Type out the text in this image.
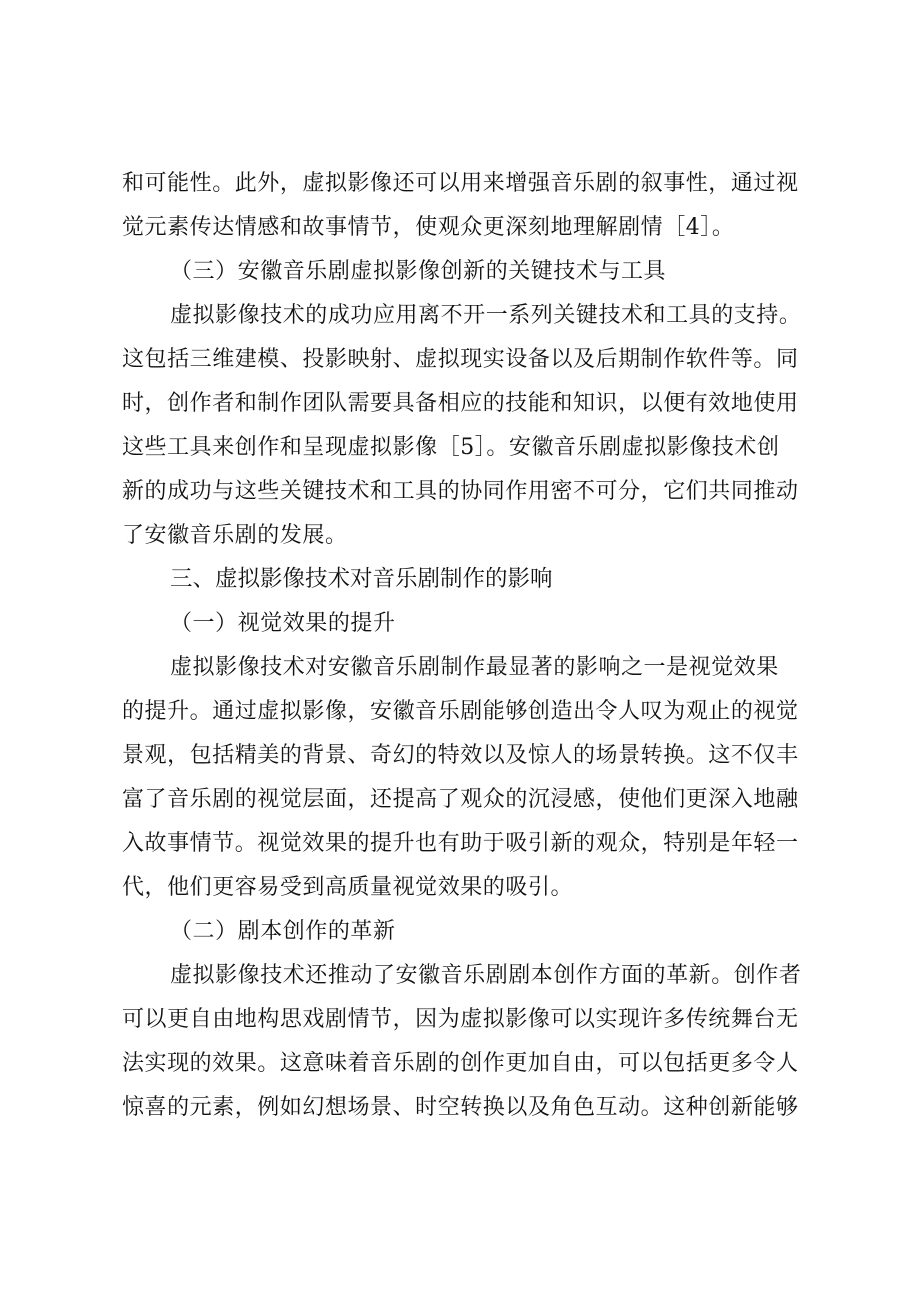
和可能性。此外，虚拟影像还可以用来增强音乐剧的叙事性，通过视
觉元素传达情感和故事情节，使观众更深刻地理解剧情［4］。
（三）安徽音乐剧虚拟影像创新的关键技术与工具
虚拟影像技术的成功应用离不开一系列关键技术和工具的支持。
这包括三维建模、投影映射、虚拟现实设备以及后期制作软件等。同
时，创作者和制作团队需要具备相应的技能和知识，以便有效地使用
这些工具来创作和呈现虚拟影像［5］。安徽音乐剧虚拟影像技术创
新的成功与这些关键技术和工具的协同作用密不可分，它们共同推动
了安徽音乐剧的发展。
三、虚拟影像技术对音乐剧制作的影响
（一）视觉效果的提升
虚拟影像技术对安徽音乐剧制作最显著的影响之一是视觉效果
的提升。通过虚拟影像，安徽音乐剧能够创造出令人叹为观止的视觉
景观，包括精美的背景、奇幻的特效以及惊人的场景转换。这不仅丰
富了音乐剧的视觉层面，还提高了观众的沉浸感，使他们更深入地融
入故事情节。视觉效果的提升也有助于吸引新的观众，特别是年轻一
代，他们更容易受到高质量视觉效果的吸引。
（二）剧本创作的革新
虚拟影像技术还推动了安徽音乐剧剧本创作方面的革新。创作者
可以更自由地构思戏剧情节，因为虚拟影像可以实现许多传统舞台无
法实现的效果。这意味着音乐剧的创作更加自由，可以包括更多令人
惊喜的元素，例如幻想场景、时空转换以及角色互动。这种创新能够
